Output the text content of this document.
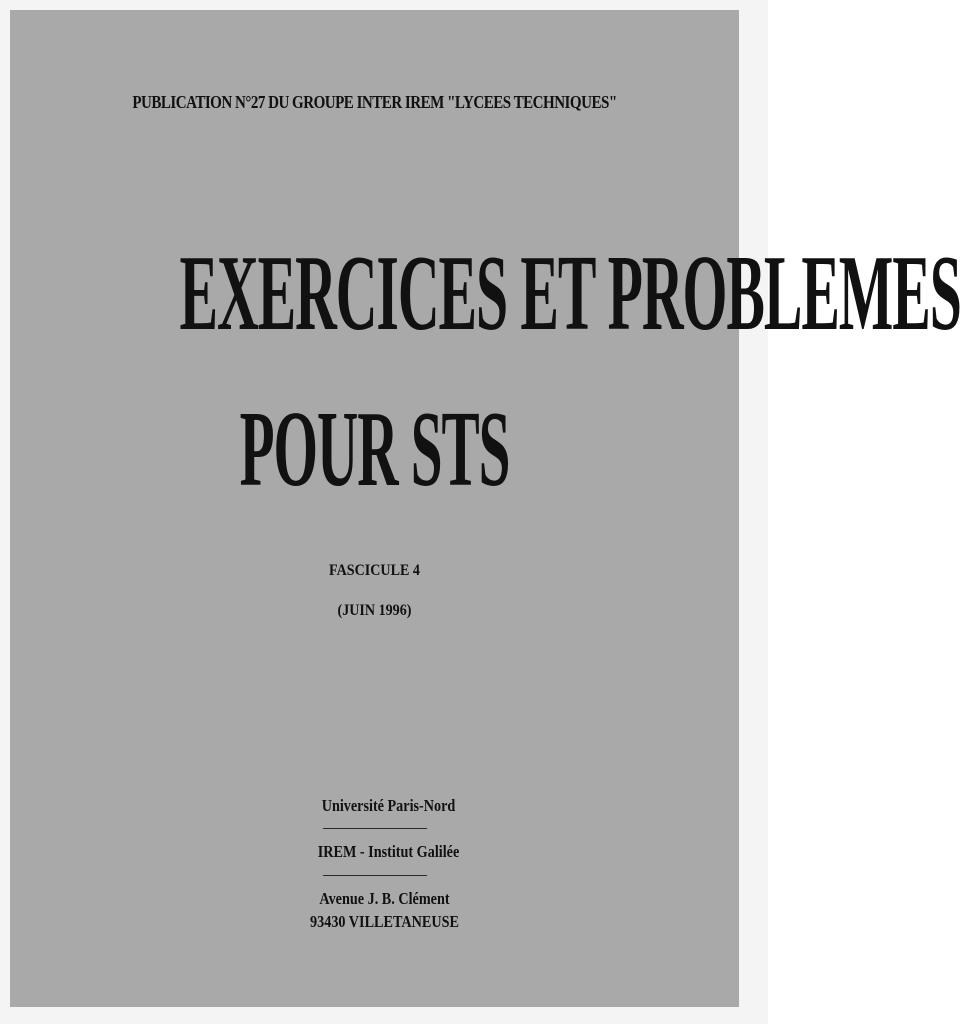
PUBLICATION N°27 DU GROUPE INTER IREM "LYCEES TECHNIQUES"
EXERCICES ET PROBLEMES
POUR STS
FASCICULE 4
(JUIN 1996)
Université Paris-Nord
IREM - Institut Galilée
Avenue J. B. Clément
93430 VILLETANEUSE
